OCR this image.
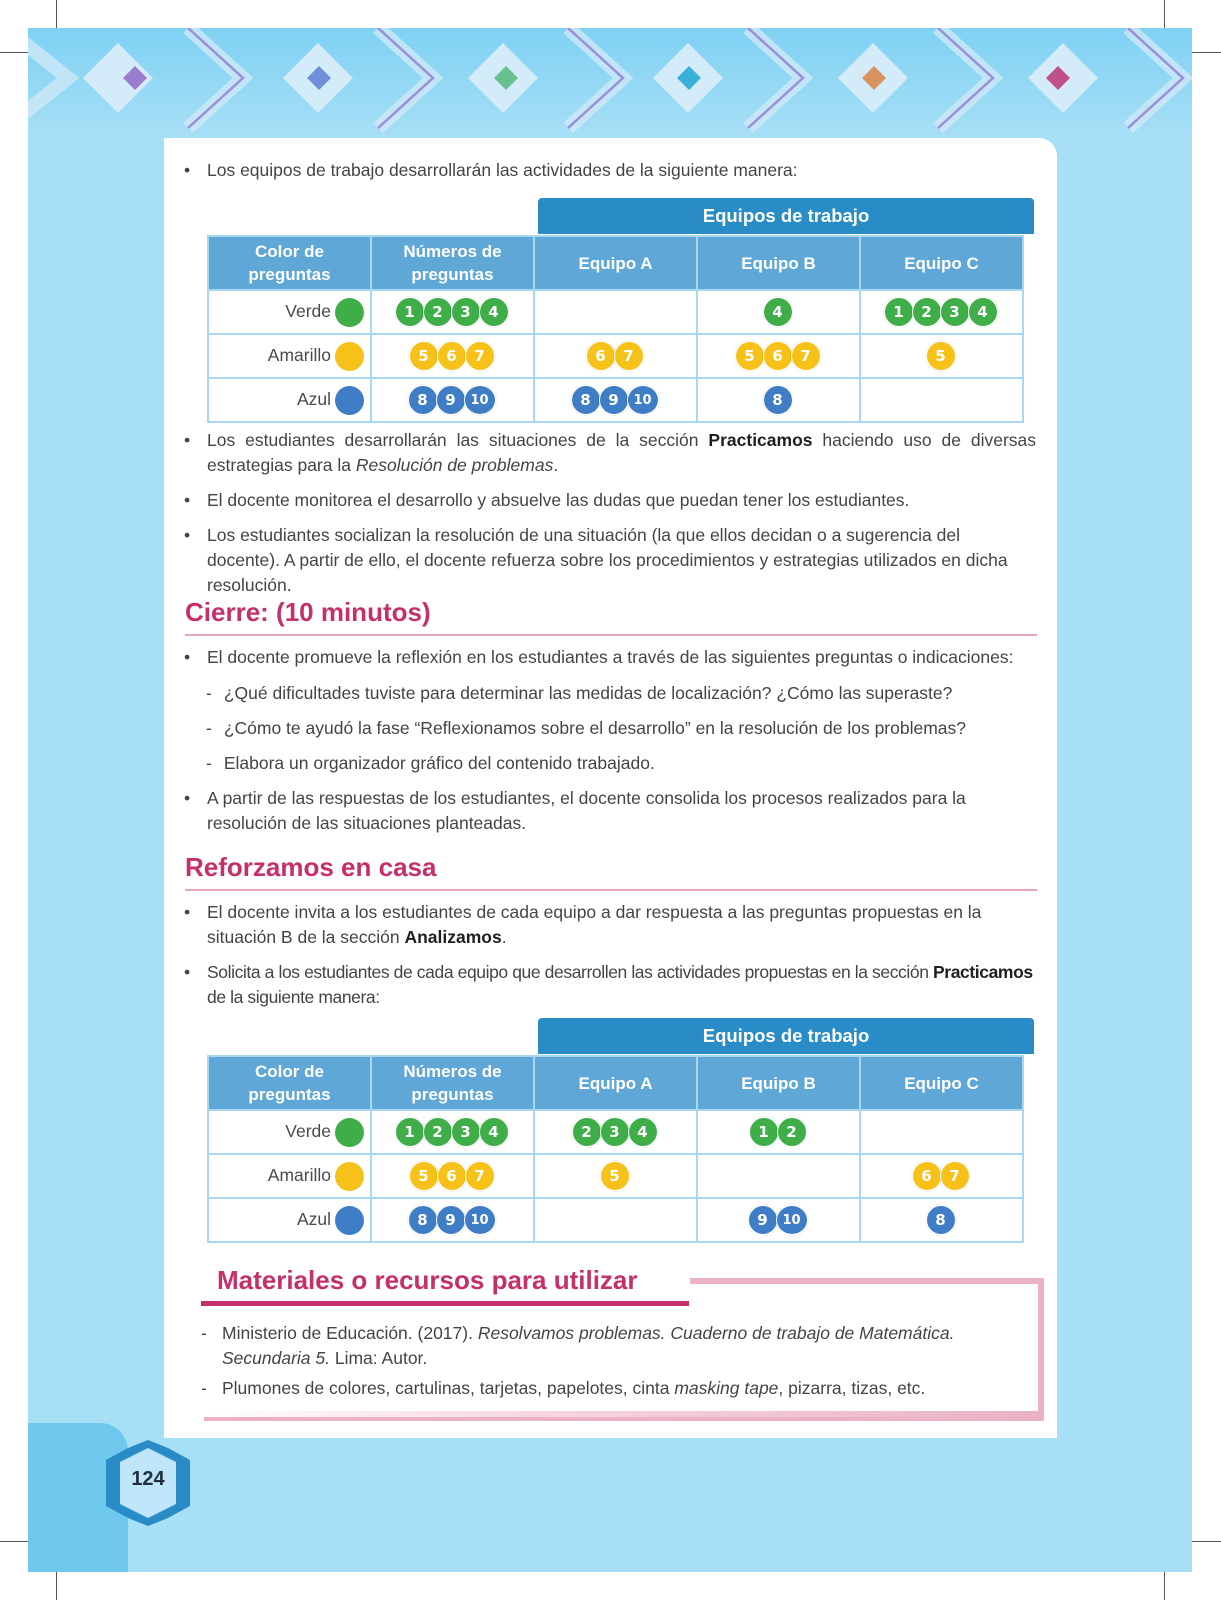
• Los equipos de trabajo desarrollarán las actividades de la siguiente manera:
Equipos de trabajo
Color de preguntas	Números de preguntas	Equipo A	Equipo B	Equipo C
Verde	1 2 3 4		4	1 2 3 4

Amarillo	5 6 7	6 7	5 6 7	5

Azul	8 9 10	8 9 10	8	

• Los estudiantes desarrollarán las situaciones de la sección Practicamos haciendo uso de diversas estrategias para la Resolución de problemas.
• El docente monitorea el desarrollo y absuelve las dudas que puedan tener los estudiantes.
• Los estudiantes socializan la resolución de una situación (la que ellos decidan o a sugerencia del docente). A partir de ello, el docente refuerza sobre los procedimientos y estrategias utilizados en dicha resolución.
Cierre: (10 minutos)
• El docente promueve la reflexión en los estudiantes a través de las siguientes preguntas o indicaciones:
- ¿Qué dificultades tuviste para determinar las medidas de localización? ¿Cómo las superaste?
- ¿Cómo te ayudó la fase “Reflexionamos sobre el desarrollo” en la resolución de los problemas?
- Elabora un organizador gráfico del contenido trabajado.
• A partir de las respuestas de los estudiantes, el docente consolida los procesos realizados para la resolución de las situaciones planteadas.
Reforzamos en casa
• El docente invita a los estudiantes de cada equipo a dar respuesta a las preguntas propuestas en la situación B de la sección Analizamos.
• Solicita a los estudiantes de cada equipo que desarrollen las actividades propuestas en la sección Practicamos de la siguiente manera:
Equipos de trabajo
Color de preguntas	Números de preguntas	Equipo A	Equipo B	Equipo C
Verde	1 2 3 4	2 3 4	1 2	

Amarillo	5 6 7	5		6 7

Azul	8 9 10		9 10	8
Materiales o recursos para utilizar
- Ministerio de Educación. (2017). Resolvamos problemas. Cuaderno de trabajo de Matemática. Secundaria 5. Lima: Autor.
- Plumones de colores, cartulinas, tarjetas, papelotes, cinta masking tape, pizarra, tizas, etc.
124
